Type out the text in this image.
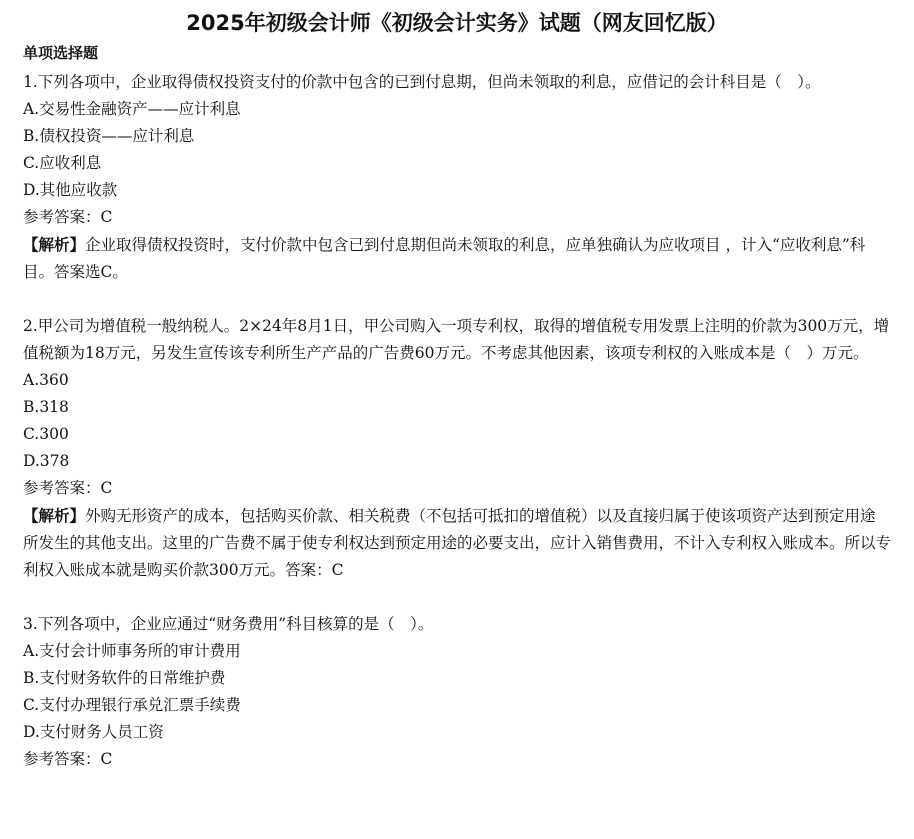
2025年初级会计师《初级会计实务》试题（网友回忆版）
单项选择题
1.下列各项中，企业取得债权投资支付的价款中包含的已到付息期，但尚未领取的利息，应借记的会计科目是（　）。
A.交易性金融资产——应计利息
B.债权投资——应计利息
C.应收利息
D.其他应收款
参考答案：C
【解析】企业取得债权投资时，支付价款中包含已到付息期但尚未领取的利息，应单独确认为应收项目 ，计入“应收利息”科目。答案选C。
2.甲公司为增值税一般纳税人。2×24年8月1日，甲公司购入一项专利权，取得的增值税专用发票上注明的价款为300万元，增值税额为18万元，另发生宣传该专利所生产产品的广告费60万元。不考虑其他因素，该项专利权的入账成本是（　）万元。
A.360
B.318
C.300
D.378
参考答案：C
【解析】外购无形资产的成本，包括购买价款、相关税费（不包括可抵扣的增值税）以及直接归属于使该项资产达到预定用途所发生的其他支出。这里的广告费不属于使专利权达到预定用途的必要支出，应计入销售费用，不计入专利权入账成本。所以专利权入账成本就是购买价款300万元。答案：C
3.下列各项中，企业应通过“财务费用”科目核算的是（　）。
A.支付会计师事务所的审计费用
B.支付财务软件的日常维护费
C.支付办理银行承兑汇票手续费
D.支付财务人员工资
参考答案：C
